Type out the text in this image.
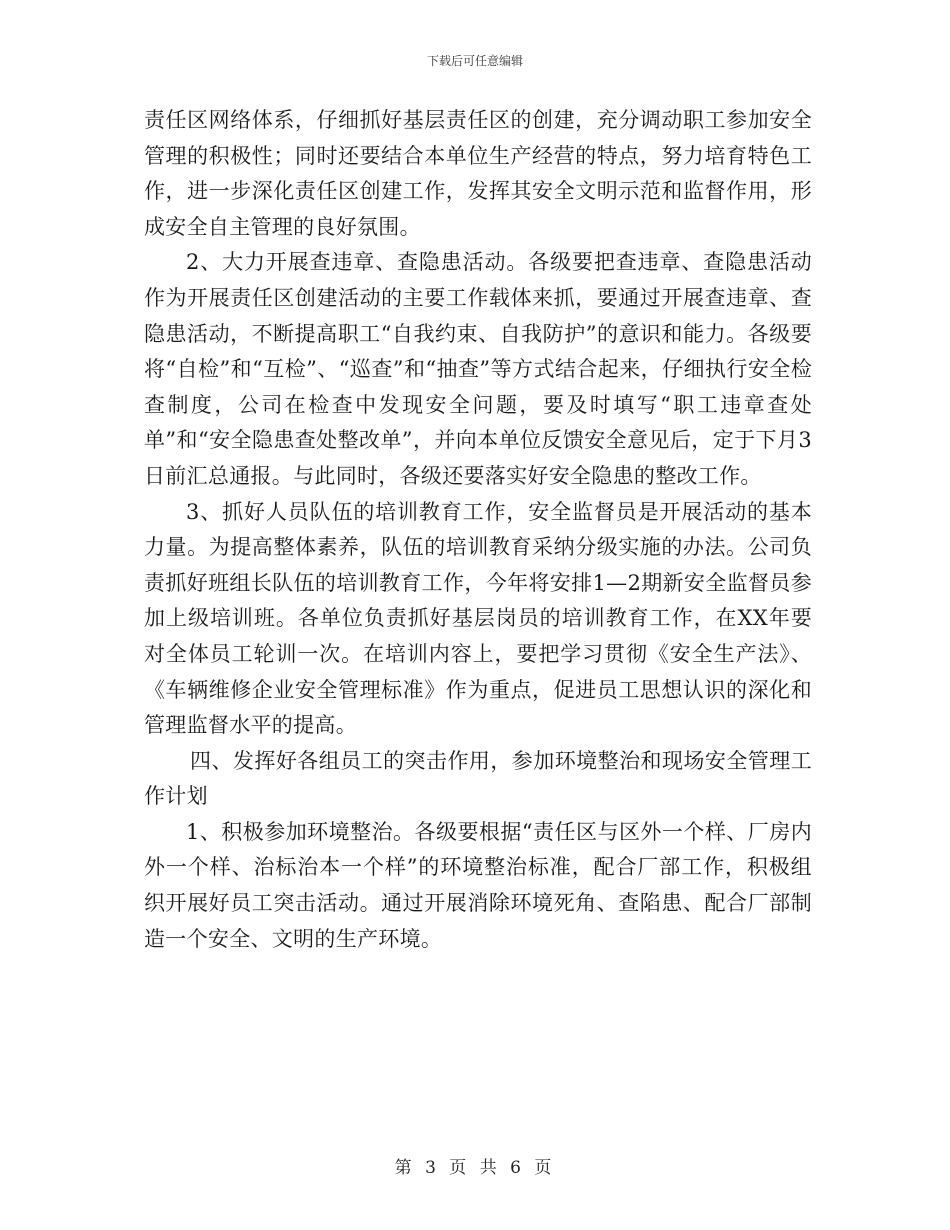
下载后可任意编辑

责任区网络体系，仔细抓好基层责任区的创建，充分调动职工参加安全管理的积极性；同时还要结合本单位生产经营的特点，努力培育特色工作，进一步深化责任区创建工作，发挥其安全文明示范和监督作用，形成安全自主管理的良好氛围。

2、大力开展查违章、查隐患活动。各级要把查违章、查隐患活动作为开展责任区创建活动的主要工作载体来抓，要通过开展查违章、查隐患活动，不断提高职工“自我约束、自我防护”的意识和能力。各级要将“自检”和“互检”、“巡查”和“抽查”等方式结合起来，仔细执行安全检查制度，公司在检查中发现安全问题，要及时填写“职工违章查处单”和“安全隐患查处整改单”，并向本单位反馈安全意见后，定于下月3日前汇总通报。与此同时，各级还要落实好安全隐患的整改工作。

3、抓好人员队伍的培训教育工作，安全监督员是开展活动的基本力量。为提高整体素养，队伍的培训教育采纳分级实施的办法。公司负责抓好班组长队伍的培训教育工作，今年将安排1—2期新安全监督员参加上级培训班。各单位负责抓好基层岗员的培训教育工作，在XX年要对全体员工轮训一次。在培训内容上，要把学习贯彻《安全生产法》、《车辆维修企业安全管理标准》作为重点，促进员工思想认识的深化和管理监督水平的提高。

四、发挥好各组员工的突击作用，参加环境整治和现场安全管理工作计划

1、积极参加环境整治。各级要根据“责任区与区外一个样、厂房内外一个样、治标治本一个样”的环境整治标准，配合厂部工作，积极组织开展好员工突击活动。通过开展消除环境死角、查陷患、配合厂部制造一个安全、文明的生产环境。

第 3 页 共 6 页
